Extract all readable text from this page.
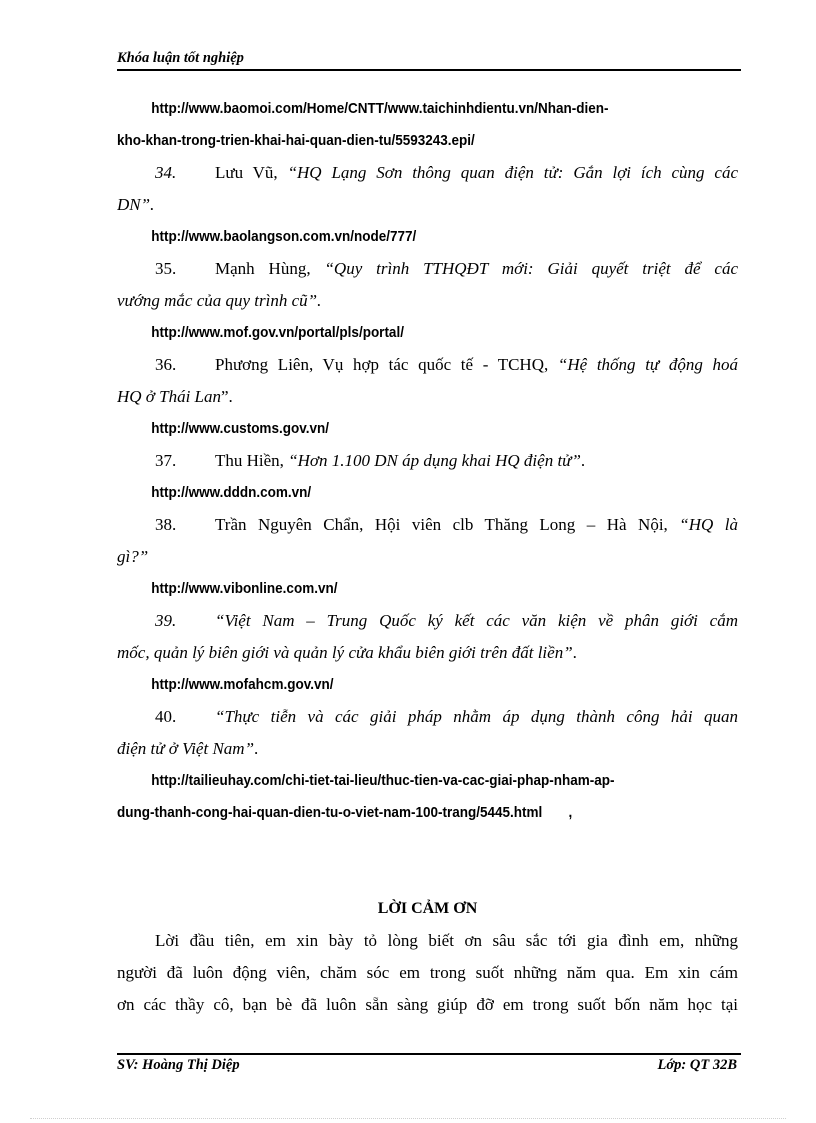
Khóa luận tốt nghiệp
http://www.baomoi.com/Home/CNTT/www.taichinhdientu.vn/Nhan-dien-
kho-khan-trong-trien-khai-hai-quan-dien-tu/5593243.epi/
34. Lưu Vũ, “HQ Lạng Sơn thông quan điện tử: Gắn lợi ích cùng các
DN”.
http://www.baolangson.com.vn/node/777/
35. Mạnh Hùng, “Quy trình TTHQĐT mới: Giải quyết triệt để các
vướng mắc của quy trình cũ”.
http://www.mof.gov.vn/portal/pls/portal/
36. Phương Liên, Vụ hợp tác quốc tế - TCHQ, “Hệ thống tự động hoá
HQ ở Thái Lan”.
http://www.customs.gov.vn/
37. Thu Hiền, “Hơn 1.100 DN áp dụng khai HQ điện tử”.
http://www.dddn.com.vn/
38. Trần Nguyên Chẩn, Hội viên clb Thăng Long – Hà Nội, “HQ là
gì?”
http://www.vibonline.com.vn/
39. “Việt Nam – Trung Quốc ký kết các văn kiện về phân giới cắm
mốc, quản lý biên giới và quản lý cửa khẩu biên giới trên đất liền”.
http://www.mofahcm.gov.vn/
40. “Thực tiễn và các giải pháp nhằm áp dụng thành công hải quan
điện tử ở Việt Nam”.
http://tailieuhay.com/chi-tiet-tai-lieu/thuc-tien-va-cac-giai-phap-nham-ap-
dung-thanh-cong-hai-quan-dien-tu-o-viet-nam-100-trang/5445.html ,
LỜI CẢM ƠN
Lời đầu tiên, em xin bày tỏ lòng biết ơn sâu sắc tới gia đình em, những
người đã luôn động viên, chăm sóc em trong suốt những năm qua. Em xin cám
ơn các thầy cô, bạn bè đã luôn sẵn sàng giúp đỡ em trong suốt bốn năm học tại
SV: Hoàng Thị Diệp	Lớp: QT 32B
